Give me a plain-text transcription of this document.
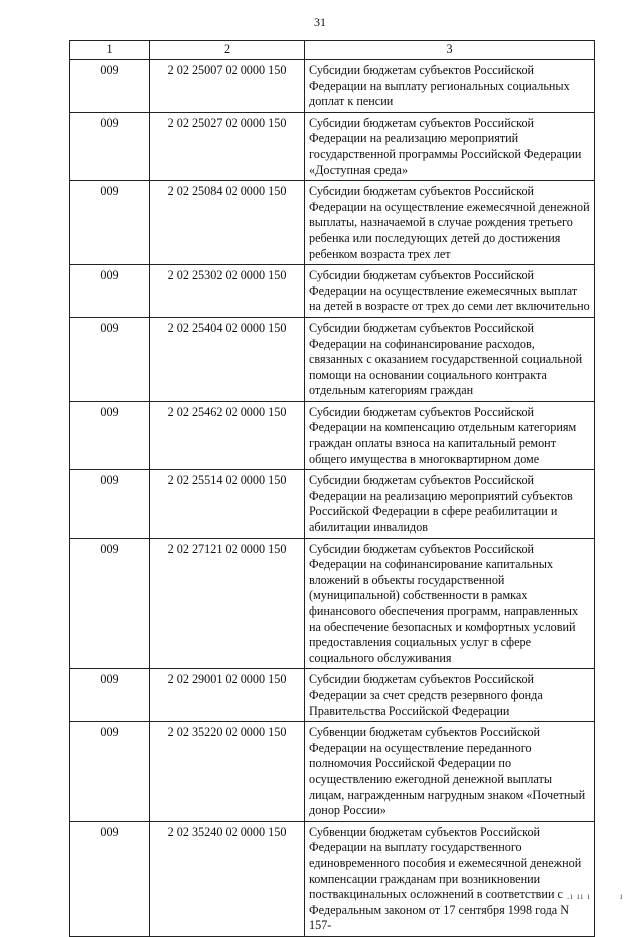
31
1	2	3
009	2 02 25007 02 0000 150	Субсидии бюджетам субъектов Российской Федерации на выплату региональных социальных доплат к пенсии
009	2 02 25027 02 0000 150	Субсидии бюджетам субъектов Российской Федерации на реализацию мероприятий государственной программы Российской Федерации «Доступная среда»
009	2 02 25084 02 0000 150	Субсидии бюджетам субъектов Российской Федерации на осуществление ежемесячной денежной выплаты, назначаемой в случае рождения третьего ребенка или последующих детей до достижения ребенком возраста трех лет
009	2 02 25302 02 0000 150	Субсидии бюджетам субъектов Российской Федерации на осуществление ежемесячных выплат на детей в возрасте от трех до семи лет включительно
009	2 02 25404 02 0000 150	Субсидии бюджетам субъектов Российской Федерации на софинансирование расходов, связанных с оказанием государственной социальной помощи на основании социального контракта отдельным категориям граждан
009	2 02 25462 02 0000 150	Субсидии бюджетам субъектов Российской Федерации на компенсацию отдельным категориям граждан оплаты взноса на капитальный ремонт общего имущества в многоквартирном доме
009	2 02 25514 02 0000 150	Субсидии бюджетам субъектов Российской Федерации на реализацию мероприятий субъектов Российской Федерации в сфере реабилитации и абилитации инвалидов
009	2 02 27121 02 0000 150	Субсидии бюджетам субъектов Российской Федерации на софинансирование капитальных вложений в объекты государственной (муниципальной) собственности в рамках финансового обеспечения программ, направленных на обеспечение безопасных и комфортных условий предоставления социальных услуг в сфере социального обслуживания
009	2 02 29001 02 0000 150	Субсидии бюджетам субъектов Российской Федерации за счет средств резервного фонда Правительства Российской Федерации
009	2 02 35220 02 0000 150	Субвенции бюджетам субъектов Российской Федерации на осуществление переданного полномочия Российской Федерации по осуществлению ежегодной денежной выплаты лицам, награжденным нагрудным знаком «Почетный донор России»
009	2 02 35240 02 0000 150	Субвенции бюджетам субъектов Российской Федерации на выплату государственного единовременного пособия и ежемесячной денежной компенсации гражданам при возникновении поствакцинальных осложнений в соответствии с Федеральным законом от 17 сентября 1998 года N 157-
.ı ıı ı         ı
